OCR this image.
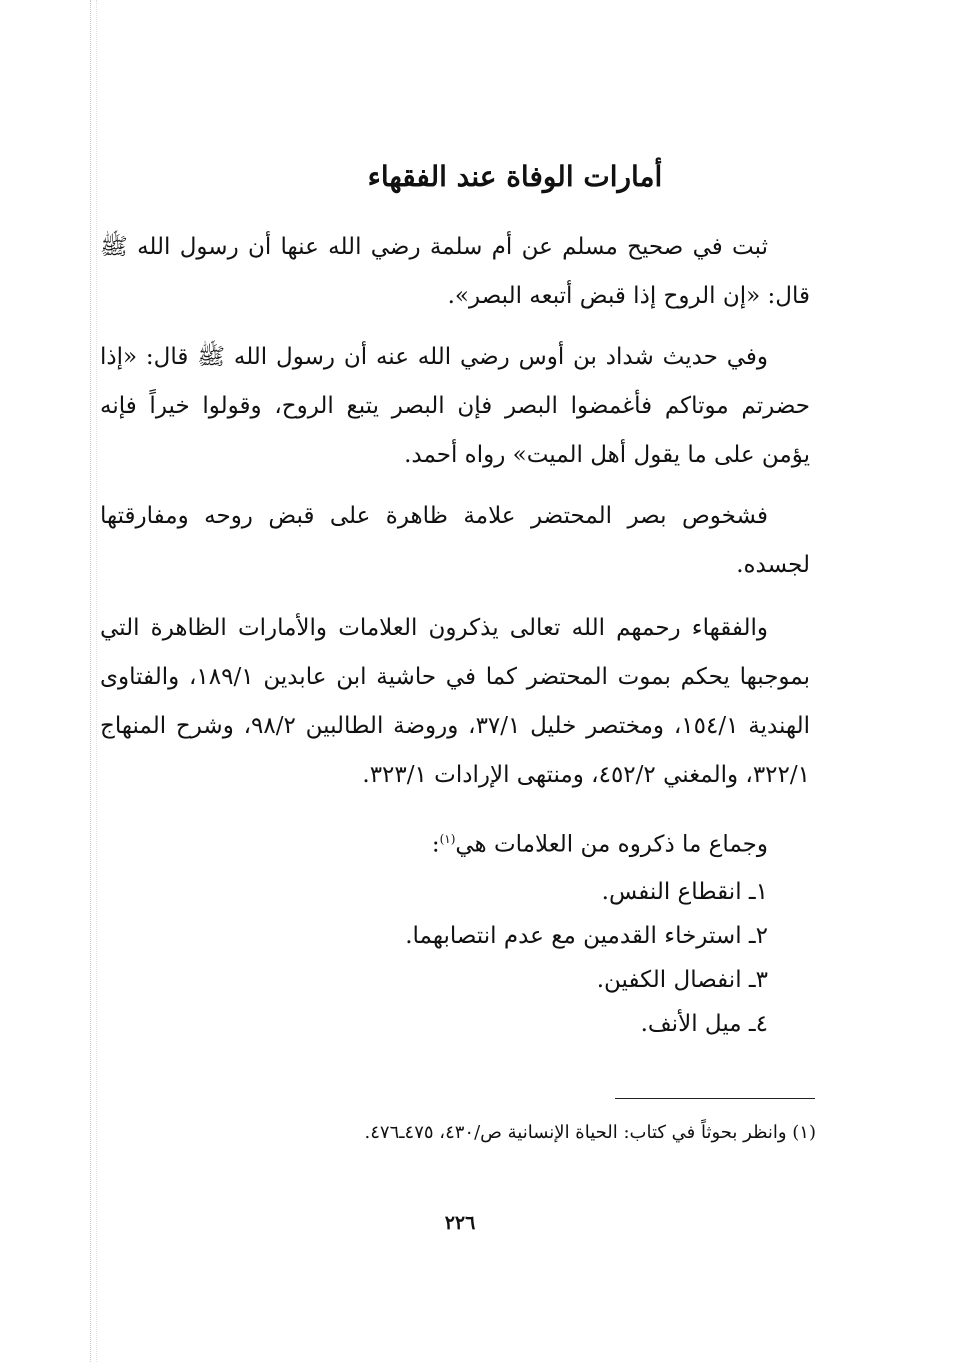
أمارات الوفاة عند الفقهاء

ثبت في صحيح مسلم عن أم سلمة رضي الله عنها أن رسول الله ﷺ قال: «إن الروح إذا قبض أتبعه البصر».

وفي حديث شداد بن أوس رضي الله عنه أن رسول الله ﷺ قال: «إذا حضرتم موتاكم فأغمضوا البصر فإن البصر يتبع الروح، وقولوا خيراً فإنه يؤمن على ما يقول أهل الميت» رواه أحمد.

فشخوص بصر المحتضر علامة ظاهرة على قبض روحه ومفارقتها لجسده.

والفقهاء رحمهم الله تعالى يذكرون العلامات والأمارات الظاهرة التي بموجبها يحكم بموت المحتضر كما في حاشية ابن عابدين ١٨٩/١، والفتاوى الهندية ١٥٤/١، ومختصر خليل ٣٧/١، وروضة الطالبين ٩٨/٢، وشرح المنهاج ٣٢٢/١، والمغني ٤٥٢/٢، ومنتهى الإرادات ٣٢٣/١.

وجماع ما ذكروه من العلامات هي$^{(١)}$:
١ـ انقطاع النفس.
٢ـ استرخاء القدمين مع عدم انتصابهما.
٣ـ انفصال الكفين.
٤ـ ميل الأنف.
(١) وانظر بحوثاً في كتاب: الحياة الإنسانية ص/٤٣٠، ٤٧٥ـ٤٧٦.
٢٢٦
